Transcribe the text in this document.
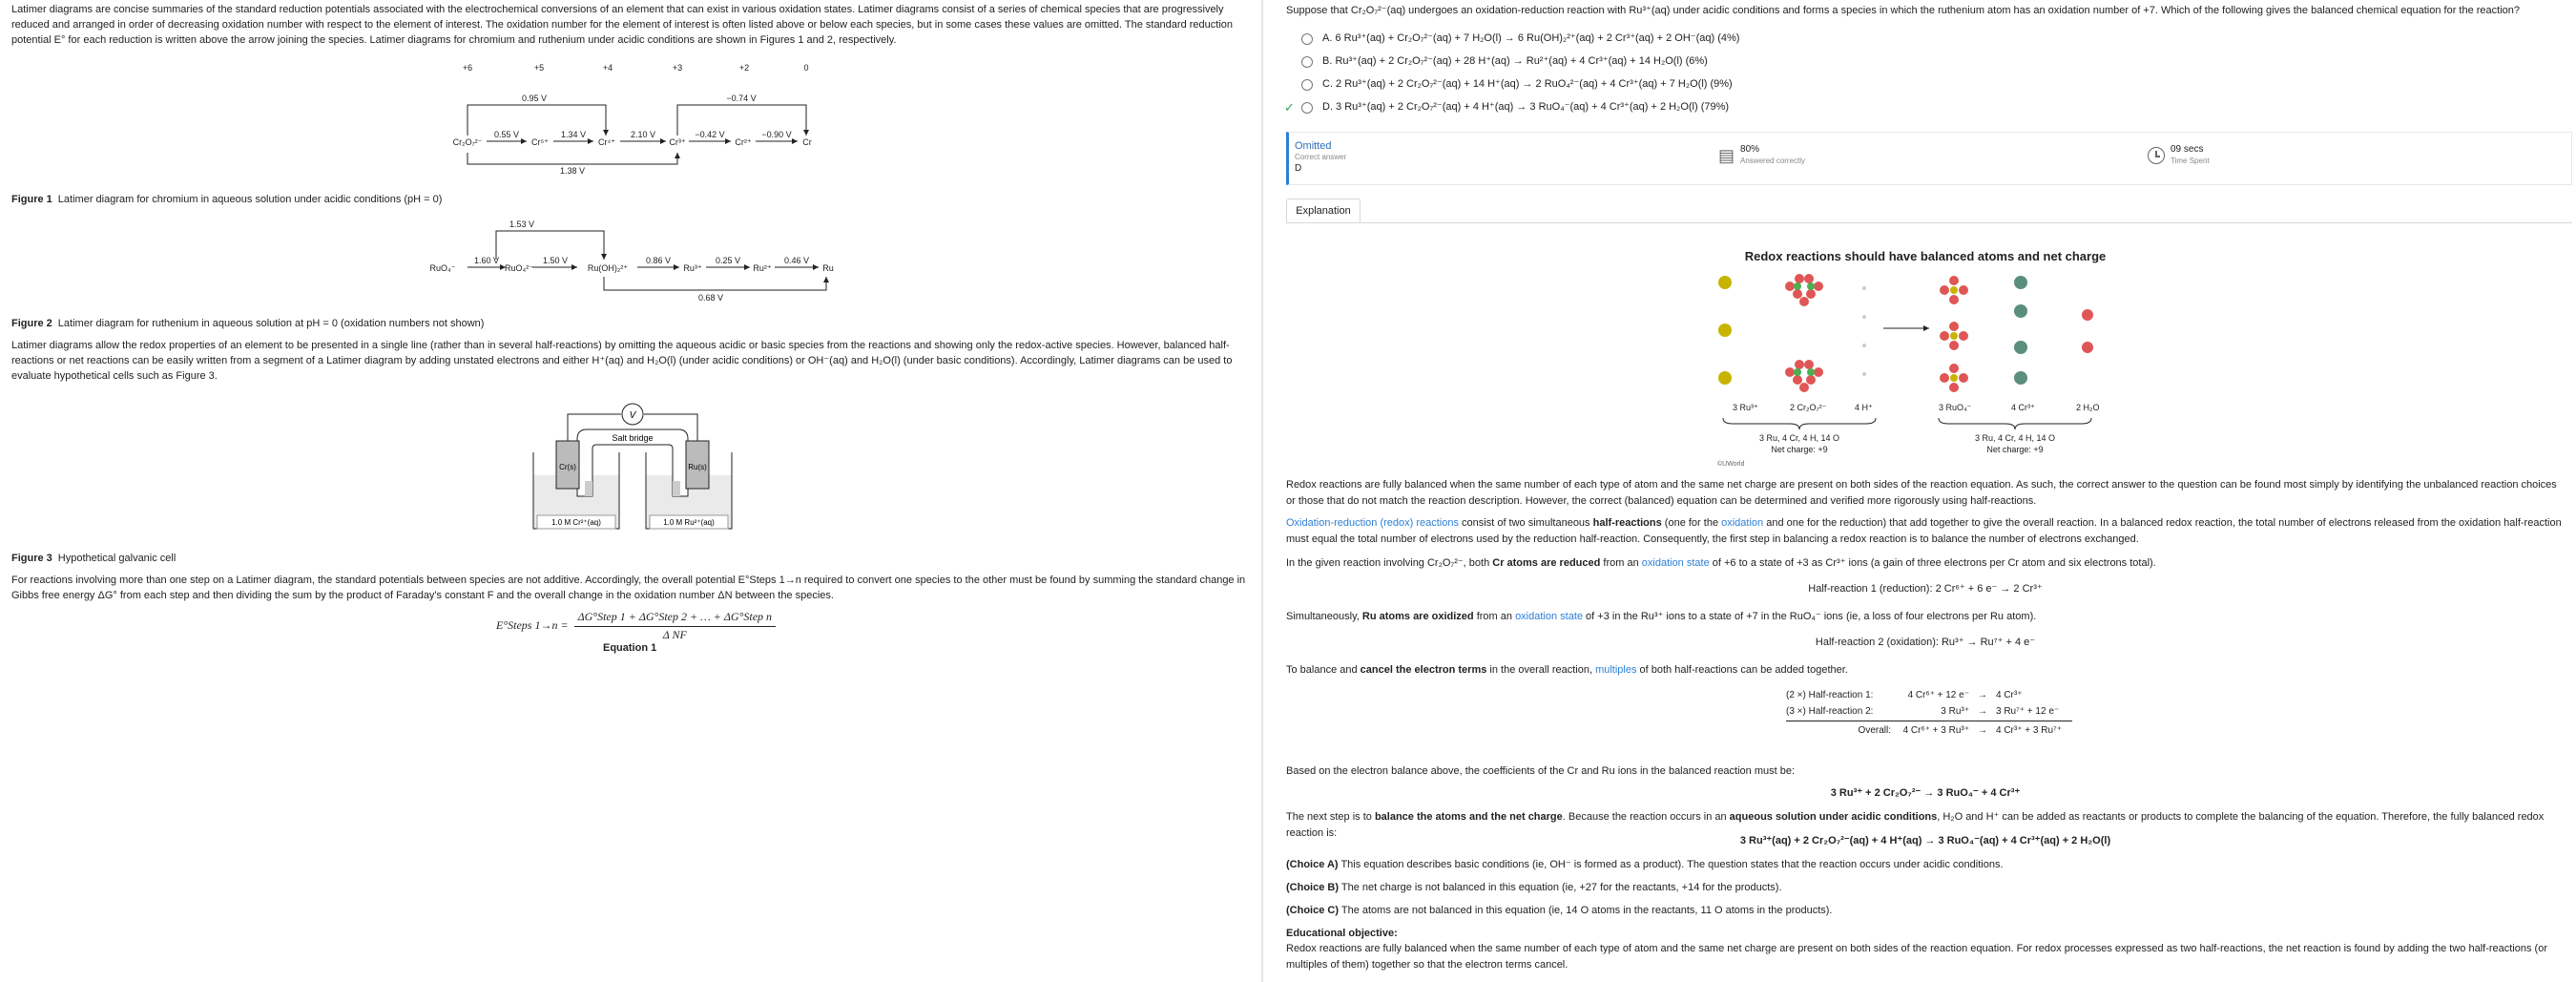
Latimer diagrams are concise summaries of the standard reduction potentials associated with the electrochemical conversions of an element that can exist in various oxidation states. Latimer diagrams consist of a series of chemical species that are progressively reduced and arranged in order of decreasing oxidation number with respect to the element of interest. The oxidation number for the element of interest is often listed above or below each species, but in some cases these values are omitted. The standard reduction potential E° for each reduction is written above the arrow joining the species. Latimer diagrams for chromium and ruthenium under acidic conditions are shown in Figures 1 and 2, respectively.
+6	+5	+4	+3	+2	0
0.95 V	−0.74 V
1.38 V
0.55 V	1.34 V	2.10 V	−0.42 V	−0.90 V
Cr₂O₇²⁻	Cr⁵⁺	Cr⁴⁺	Cr³⁺	Cr²⁺	Cr
Figure 1 Latimer diagram for chromium in aqueous solution under acidic conditions (pH = 0)
1.53 V
0.68 V
1.60 V	1.50 V	0.86 V	0.25 V	0.46 V
RuO₄⁻	RuO₄²⁻	Ru(OH)₂²⁺	Ru³⁺	Ru²⁺	Ru
Figure 2 Latimer diagram for ruthenium in aqueous solution at pH = 0 (oxidation numbers not shown)
Latimer diagrams allow the redox properties of an element to be presented in a single line (rather than in several half-reactions) by omitting the aqueous acidic or basic species from the reactions and showing only the redox-active species. However, balanced half-reactions or net reactions can be easily written from a segment of a Latimer diagram by adding unstated electrons and either H⁺(aq) and H₂O(l) (under acidic conditions) or OH⁻(aq) and H₂O(l) (under basic conditions). Accordingly, Latimer diagrams can be used to evaluate hypothetical cells such as Figure 3.
V
Salt bridge
Cr(s)	Ru(s)
1.0 M Cr²⁺(aq)	1.0 M Ru²⁺(aq)
Figure 3 Hypothetical galvanic cell
For reactions involving more than one step on a Latimer diagram, the standard potentials between species are not additive. Accordingly, the overall potential E°Steps 1→n required to convert one species to the other must be found by summing the standard change in Gibbs free energy ΔG° from each step and then dividing the sum by the product of Faraday's constant F and the overall change in the oxidation number ΔN between the species.
E°Steps 1→n =
ΔG°Step 1 + ΔG°Step 2 + … + ΔG°Step n
Δ NF
Equation 1
Suppose that Cr₂O₇²⁻(aq) undergoes an oxidation-reduction reaction with Ru³⁺(aq) under acidic conditions and forms a species in which the ruthenium atom has an oxidation number of +7. Which of the following gives the balanced chemical equation for the reaction?
A. 6 Ru³⁺(aq) + Cr₂O₇²⁻(aq) + 7 H₂O(l) → 6 Ru(OH)₂²⁺(aq) + 2 Cr³⁺(aq) + 2 OH⁻(aq) (4%)
B. Ru³⁺(aq) + 2 Cr₂O₇²⁻(aq) + 28 H⁺(aq) → Ru²⁺(aq) + 4 Cr³⁺(aq) + 14 H₂O(l) (6%)
C. 2 Ru³⁺(aq) + 2 Cr₂O₇²⁻(aq) + 14 H⁺(aq) → 2 RuO₄²⁻(aq) + 4 Cr³⁺(aq) + 7 H₂O(l) (9%)
✓	D. 3 Ru³⁺(aq) + 2 Cr₂O₇²⁻(aq) + 4 H⁺(aq) → 3 RuO₄⁻(aq) + 4 Cr³⁺(aq) + 2 H₂O(l) (79%)
Omitted
Correct answer
D
▤ 80%
Answered correctly
09 secs
Time Spent
Explanation
Redox reactions should have balanced atoms and net charge
3 Ru³⁺	2 Cr₂O₇²⁻	4 H⁺	3 RuO₄⁻	4 Cr³⁺	2 H₂O
3 Ru, 4 Cr, 4 H, 14 O
Net charge: +9
3 Ru, 4 Cr, 4 H, 14 O
Net charge: +9
©UWorld
Redox reactions are fully balanced when the same number of each type of atom and the same net charge are present on both sides of the reaction equation. As such, the correct answer to the question can be found most simply by identifying the unbalanced reaction choices or those that do not match the reaction description. However, the correct (balanced) equation can be determined and verified more rigorously using half-reactions.
Oxidation-reduction (redox) reactions consist of two simultaneous half-reactions (one for the oxidation and one for the reduction) that add together to give the overall reaction. In a balanced redox reaction, the total number of electrons released from the oxidation half-reaction must equal the total number of electrons used by the reduction half-reaction. Consequently, the first step in balancing a redox reaction is to balance the number of electrons exchanged.
In the given reaction involving Cr₂O₇²⁻, both Cr atoms are reduced from an oxidation state of +6 to a state of +3 as Cr³⁺ ions (a gain of three electrons per Cr atom and six electrons total).
Half-reaction 1 (reduction): 2 Cr⁶⁺ + 6 e⁻ → 2 Cr³⁺
Simultaneously, Ru atoms are oxidized from an oxidation state of +3 in the Ru³⁺ ions to a state of +7 in the RuO₄⁻ ions (ie, a loss of four electrons per Ru atom).
Half-reaction 2 (oxidation): Ru³⁺ → Ru⁷⁺ + 4 e⁻
To balance and cancel the electron terms in the overall reaction, multiples of both half-reactions can be added together.
(2 ×) Half-reaction 1:	4 Cr⁶⁺ + 12 e⁻ → 4 Cr³⁺
(3 ×) Half-reaction 2:	3 Ru³⁺ → 3 Ru⁷⁺ + 12 e⁻
Overall:	4 Cr⁶⁺ + 3 Ru³⁺ → 4 Cr³⁺ + 3 Ru⁷⁺
Based on the electron balance above, the coefficients of the Cr and Ru ions in the balanced reaction must be:
3 Ru³⁺ + 2 Cr₂O₇²⁻ → 3 RuO₄⁻ + 4 Cr³⁺
The next step is to balance the atoms and the net charge. Because the reaction occurs in an aqueous solution under acidic conditions, H₂O and H⁺ can be added as reactants or products to complete the balancing of the equation. Therefore, the fully balanced redox reaction is:
3 Ru³⁺(aq) + 2 Cr₂O₇²⁻(aq) + 4 H⁺(aq) → 3 RuO₄⁻(aq) + 4 Cr³⁺(aq) + 2 H₂O(l)
(Choice A) This equation describes basic conditions (ie, OH⁻ is formed as a product). The question states that the reaction occurs under acidic conditions.
(Choice B) The net charge is not balanced in this equation (ie, +27 for the reactants, +14 for the products).
(Choice C) The atoms are not balanced in this equation (ie, 14 O atoms in the reactants, 11 O atoms in the products).
Educational objective:
Redox reactions are fully balanced when the same number of each type of atom and the same net charge are present on both sides of the reaction equation. For redox processes expressed as two half-reactions, the net reaction is found by adding the two half-reactions (or multiples of them) together so that the electron terms cancel.
